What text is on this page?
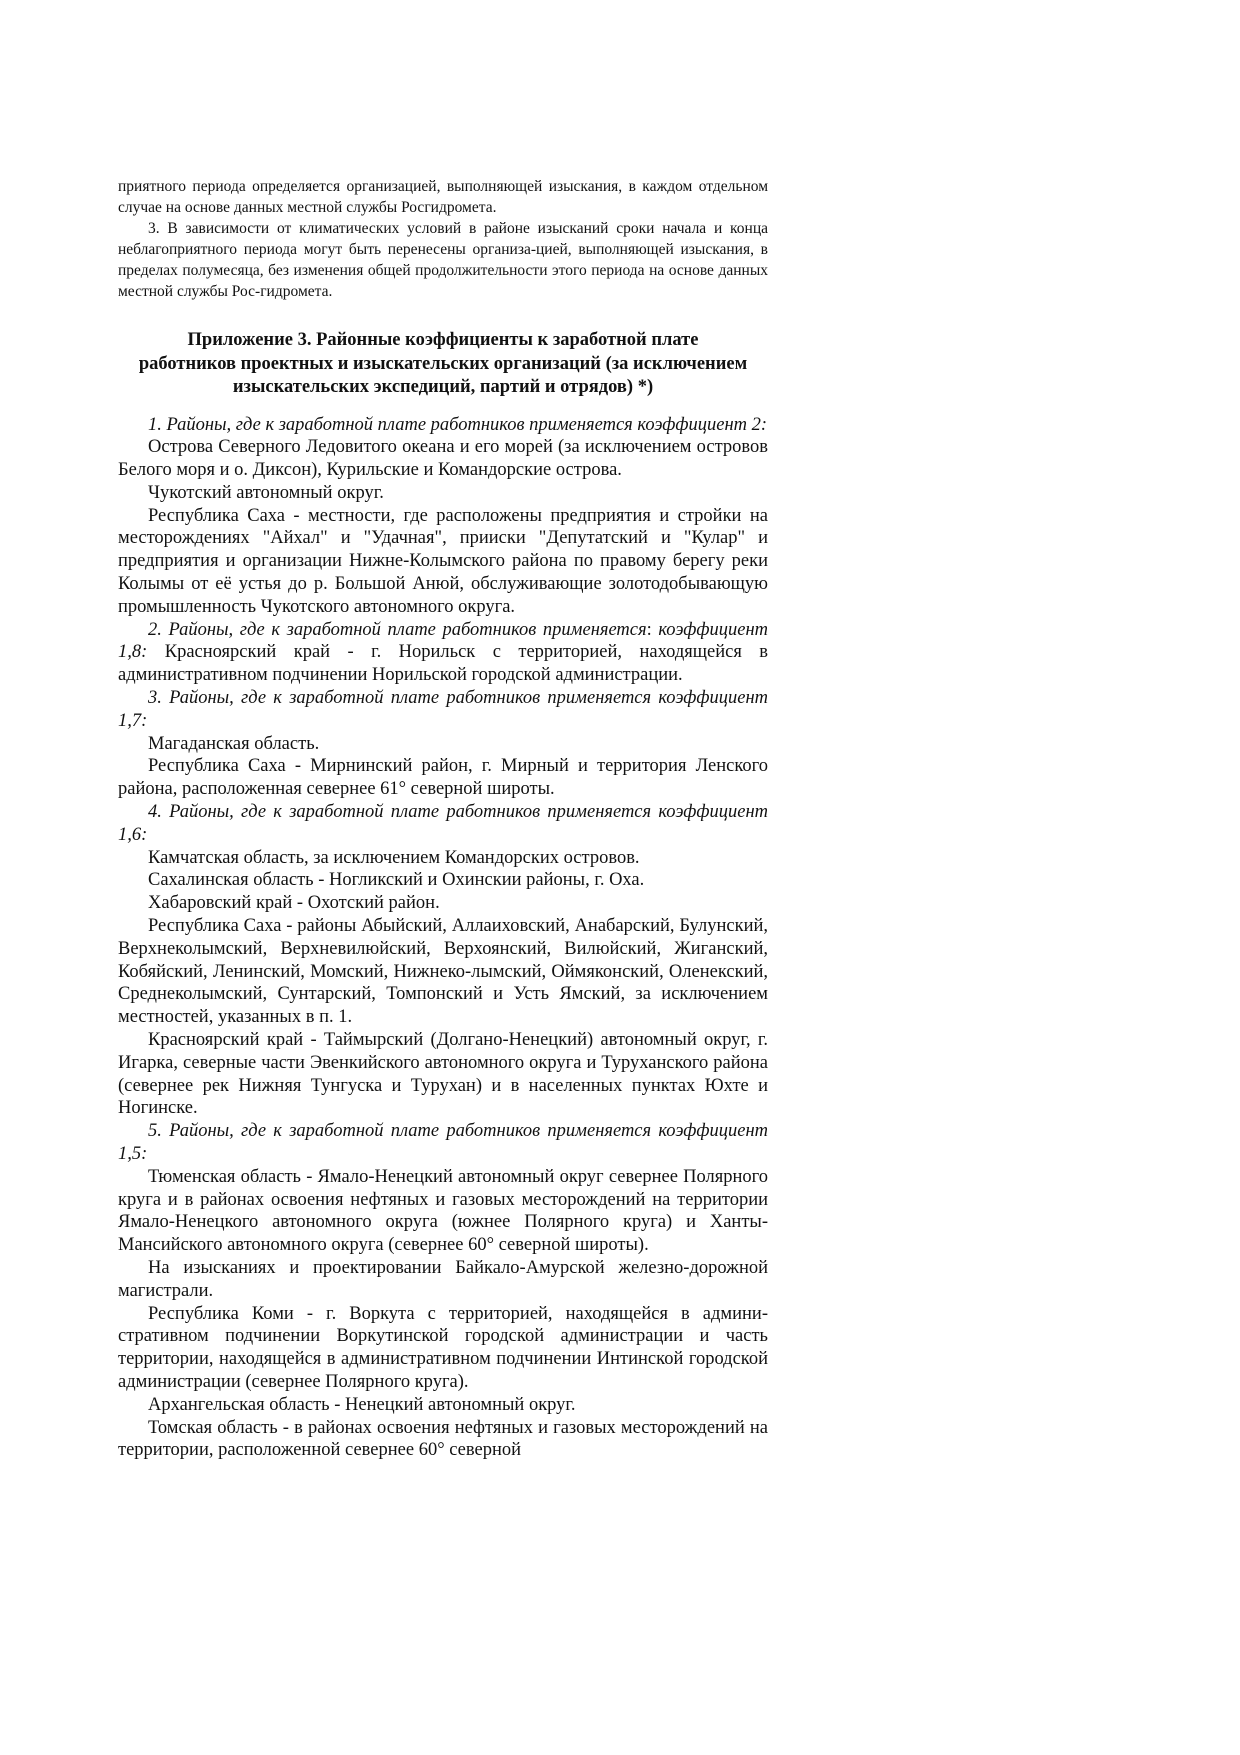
приятного периода определяется организацией, выполняющей изыскания, в каждом отдельном случае на основе данных местной службы Росгидромета.

3. В зависимости от климатических условий в районе изысканий сроки начала и конца неблагоприятного периода могут быть перенесены организа-цией, выполняющей изыскания, в пределах полумесяца, без изменения общей продолжительности этого периода на основе данных местной службы Рос-гидромета.

Приложение 3. Районные коэффициенты к заработной плате работников проектных и изыскательских организаций (за исключением изыскательских экспедиций, партий и отрядов) *)

1. Районы, где к заработной плате работников применяется коэффициент 2:

Острова Северного Ледовитого океана и его морей (за исключением островов Белого моря и о. Диксон), Курильские и Командорские острова.

Чукотский автономный округ.

Республика Саха - местности, где расположены предприятия и стройки на месторождениях "Айхал" и "Удачная", прииски "Депутатский и "Кулар" и предприятия и организации Нижне-Колымского района по правому берегу реки Колымы от её устья до р. Большой Анюй, обслуживающие золотодобывающую промышленность Чукотского автономного округа.

2. Районы, где к заработной плате работников применяется: коэффициент 1,8: Красноярский край - г. Норильск с территорией, находящейся в административном подчинении Норильской городской администрации.

3. Районы, где к заработной плате работников применяется коэффициент 1,7:

Магаданская область.

Республика Саха - Мирнинский район, г. Мирный и территория Ленского района, расположенная севернее 61° северной широты.

4. Районы, где к заработной плате работников применяется коэффициент 1,6:

Камчатская область, за исключением Командорских островов.

Сахалинская область - Ногликский и Охинскии районы, г. Оха.

Хабаровский край - Охотский район.

Республика Саха - районы Абыйский, Аллаиховский, Анабарский, Булунский, Верхнеколымский, Верхневилюйский, Верхоянский, Вилюйский, Жиганский, Кобяйский, Ленинский, Момский, Нижнеко-лымский, Оймяконский, Оленекский, Среднеколымский, Сунтарский, Томпонский и Усть Ямский, за исключением местностей, указанных в п. 1.

Красноярский край - Таймырский (Долгано-Ненецкий) автономный округ, г. Игарка, северные части Эвенкийского автономного округа и Туруханского района (севернее рек Нижняя Тунгуска и Турухан) и в населенных пунктах Юхте и Ногинске.

5. Районы, где к заработной плате работников применяется коэффициент 1,5:

Тюменская область - Ямало-Ненецкий автономный округ севернее Полярного круга и в районах освоения нефтяных и газовых месторождений на территории Ямало-Ненецкого автономного округа (южнее Полярного круга) и Ханты-Мансийского автономного округа (севернее 60° северной широты).

На изысканиях и проектировании Байкало-Амурской железно-дорожной магистрали.

Республика Коми - г. Воркута с территорией, находящейся в админи-стративном подчинении Воркутинской городской администрации и часть территории, находящейся в административном подчинении Интинской городской администрации (севернее Полярного круга).

Архангельская область - Ненецкий автономный округ.

Томская область - в районах освоения нефтяных и газовых месторождений на территории, расположенной севернее 60° северной
